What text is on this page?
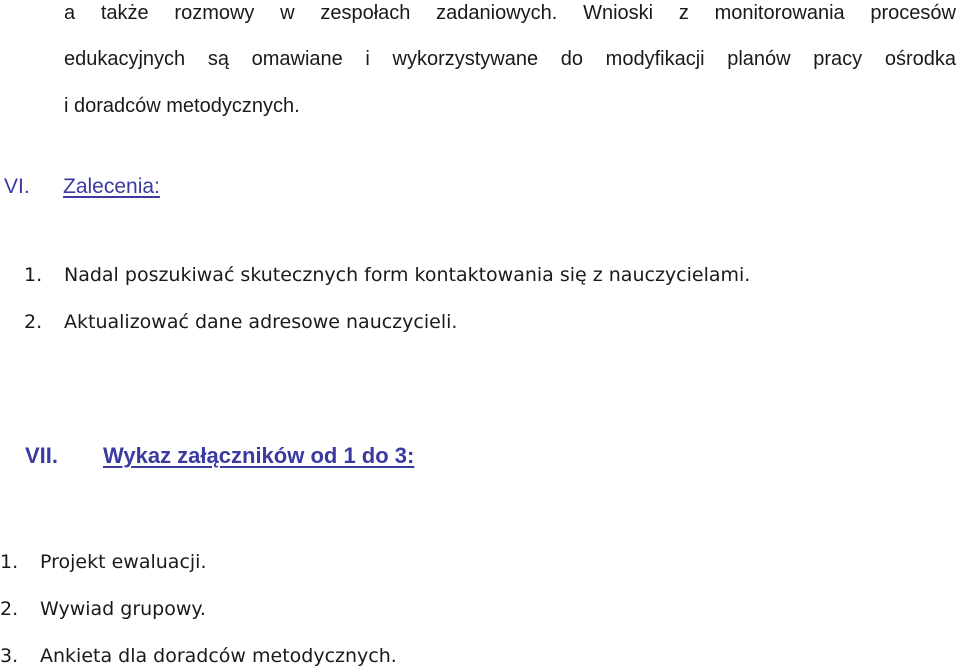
a także rozmowy w zespołach zadaniowych. Wnioski z monitorowania procesów
edukacyjnych są omawiane i wykorzystywane do modyfikacji planów pracy ośrodka
i doradców metodycznych.
VI. Zalecenia:
1. Nadal poszukiwać skutecznych form kontaktowania się z nauczycielami.
2. Aktualizować dane adresowe nauczycieli.
VII. Wykaz załączników od 1 do 3:
1. Projekt ewaluacji.
2. Wywiad grupowy.
3. Ankieta dla doradców metodycznych.
